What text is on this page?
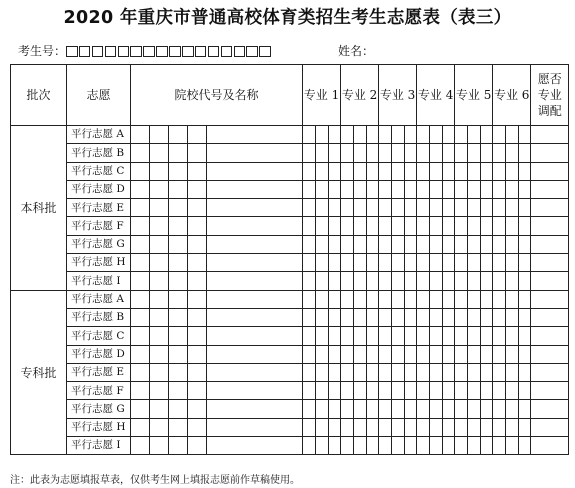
2020 年重庆市普通高校体育类招生考生志愿表（表三）
考生号：	姓名：
批次	志愿	院校代号及名称					专业 1			专业 2			专业 3			专业 4			专业 5			专业 6			愿否
专业
调配

本科批	平行志愿 A																								
	平行志愿 B																								
	平行志愿 C																								
	平行志愿 D																								
	平行志愿 E																								
	平行志愿 F																								
	平行志愿 G																								
	平行志愿 H																								
	平行志愿 I																								
专科批	平行志愿 A																								
	平行志愿 B																								
	平行志愿 C																								
	平行志愿 D																								
	平行志愿 E																								
	平行志愿 F																								
	平行志愿 G																								
	平行志愿 H																								
	平行志愿 I																								
注：此表为志愿填报草表，仅供考生网上填报志愿前作草稿使用。
